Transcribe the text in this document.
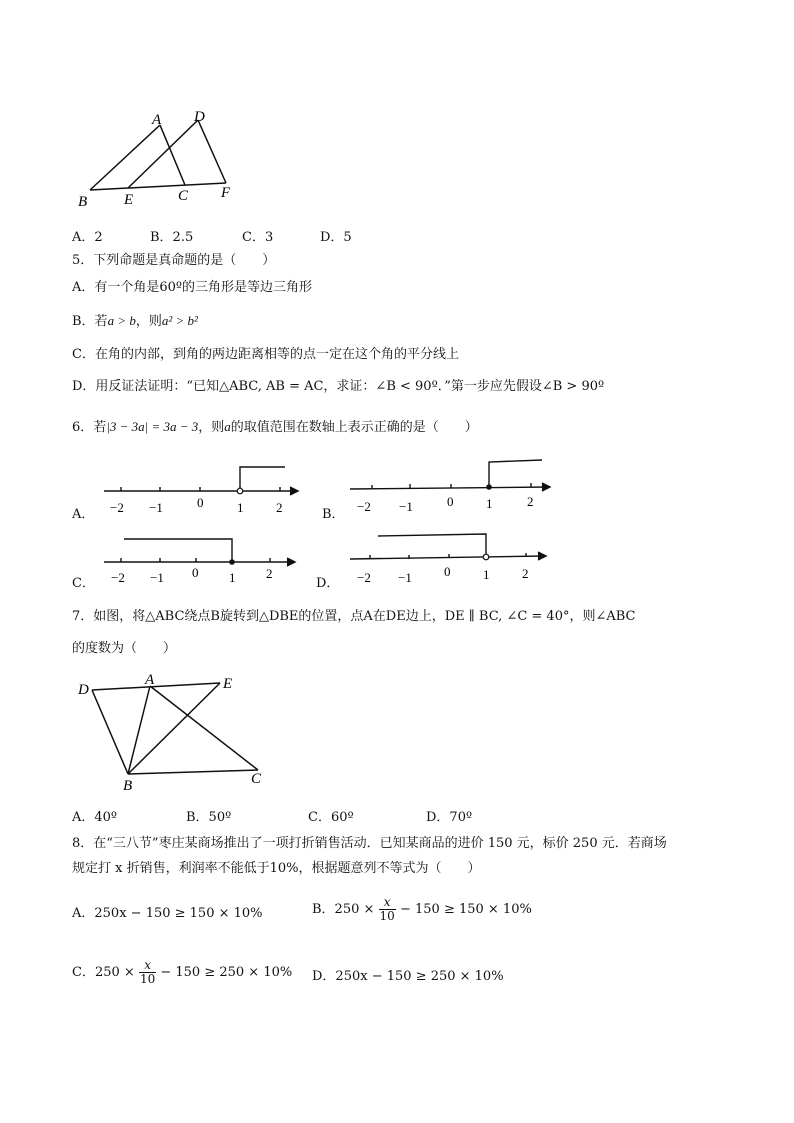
A D
B E	C F
A．2	B．2.5	C．3	D．5
5．下列命题是真命题的是（　　）
A．有一个角是60º的三角形是等边三角形
B．若a > b，则a² > b²
C．在角的内部，到角的两边距离相等的点一定在这个角的平分线上
D．用反证法证明：“已知△ABC, AB = AC，求证：∠B < 90º．”第一步应先假设∠B > 90º
6．若|3 − 3a| = 3a − 3，则a的取值范围在数轴上表示正确的是（　　）
A．	B．
C．	D．
−2 −1	0	1	2	−2 −1	0	1	2
−2 −1 0 1 2	−2 −1 0	1	2
7．如图，将△ABC绕点B旋转到△DBE的位置，点A在DE边上，DE ∥ BC, ∠C = 40°，则∠ABC
的度数为（　　）
D
A	E
B	C
A．40º	B．50º	C．60º	D．70º
8．在“三八节”枣庄某商场推出了一项打折销售活动．已知某商品的进价 150 元，标价 250 元．若商场
规定打 x 折销售，利润率不能低于10%，根据题意列不等式为（　　）
A．250x − 150 ≥ 150 × 10%	B．$250 \times \frac{x}{10} - 150 \ge 150 \times 10\%$
C．$250 \times \frac{x}{10} - 150 \ge 250 \times 10\%$ D．250x − 150 ≥ 250 × 10%
